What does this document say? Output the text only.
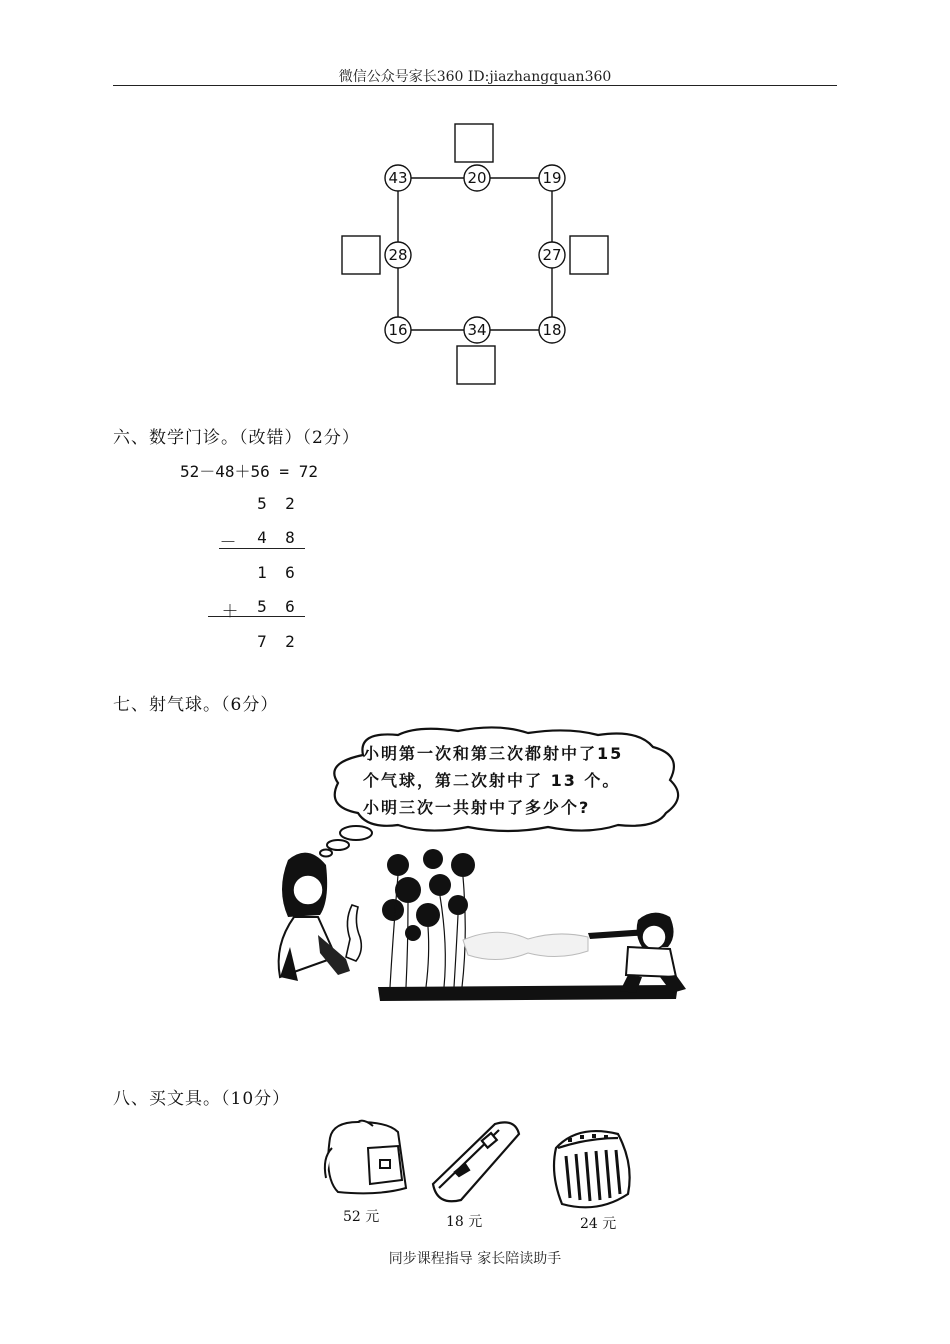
微信公众号家长360 ID:jiazhangquan360
43	20	19
28	27
16	34	18
六、数学门诊。（改错）（2分）
52－48＋56 = 72
5	2
－	4	8
1	6
＋	5	6
7	2
七、射气球。（6分）
小明第一次和第三次都射中了15
个气球，第二次射中了 13 个。
小明三次一共射中了多少个?
八、买文具。（10分）
52 元	18 元	24 元
同步课程指导 家长陪读助手
